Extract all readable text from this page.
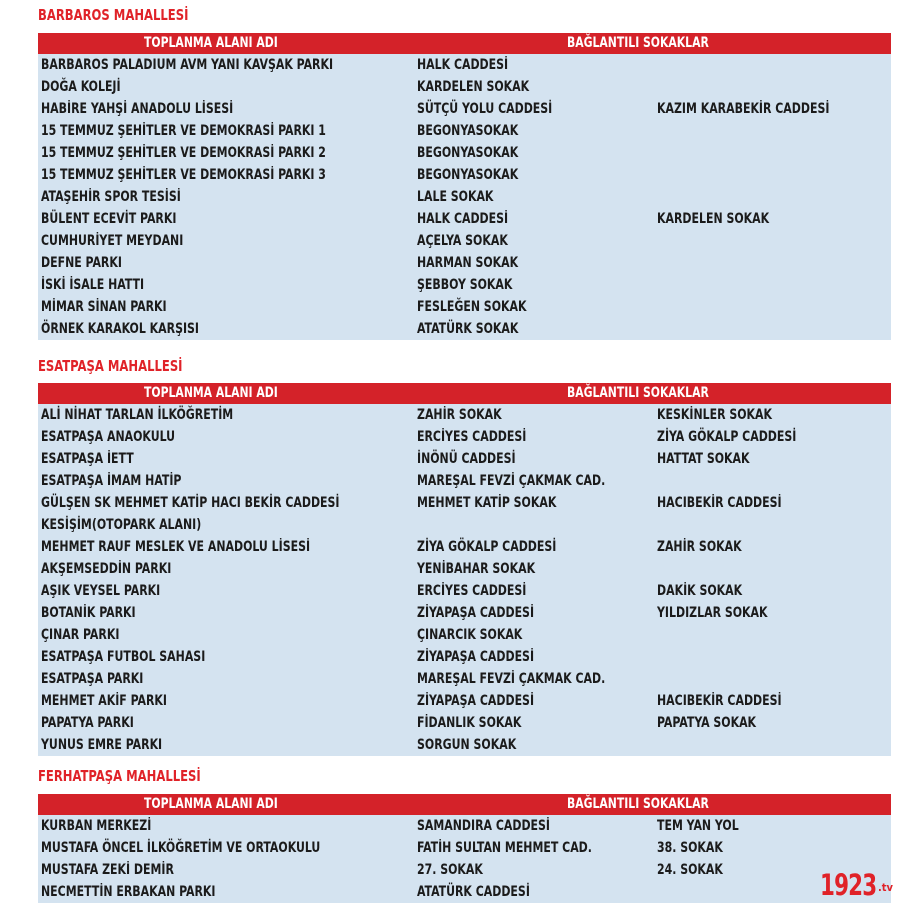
BARBAROS MAHALLESİ
TOPLANMA ALANI ADI	BAĞLANTILI SOKAKLAR
BARBAROS PALADIUM AVM YANI KAVŞAK PARKI	HALK CADDESİ
DOĞA KOLEJİ	KARDELEN SOKAK
HABİRE YAHŞİ ANADOLU LİSESİ	SÜTÇÜ YOLU CADDESİ	KAZIM KARABEKİR CADDESİ
15 TEMMUZ ŞEHİTLER VE DEMOKRASİ PARKI 1	BEGONYASOKAK
15 TEMMUZ ŞEHİTLER VE DEMOKRASİ PARKI 2	BEGONYASOKAK
15 TEMMUZ ŞEHİTLER VE DEMOKRASİ PARKI 3	BEGONYASOKAK
ATAŞEHİR SPOR TESİSİ	LALE SOKAK
BÜLENT ECEVİT PARKI	HALK CADDESİ	KARDELEN SOKAK
CUMHURİYET MEYDANI	AÇELYA SOKAK
DEFNE PARKI	HARMAN SOKAK
İSKİ İSALE HATTI	ŞEBBOY SOKAK
MİMAR SİNAN PARKI	FESLEĞEN SOKAK
ÖRNEK KARAKOL KARŞISI	ATATÜRK SOKAK
ESATPAŞA MAHALLESİ
TOPLANMA ALANI ADI	BAĞLANTILI SOKAKLAR
ALİ NİHAT TARLAN İLKÖĞRETİM	ZAHİR SOKAK	KESKİNLER SOKAK
ESATPAŞA ANAOKULU	ERCİYES CADDESİ	ZİYA GÖKALP CADDESİ
ESATPAŞA İETT	İNÖNÜ CADDESİ	HATTAT SOKAK
ESATPAŞA İMAM HATİP	MAREŞAL FEVZİ ÇAKMAK CAD.
GÜLŞEN SK MEHMET KATİP HACI BEKİR CADDESİ KESİŞİM(OTOPARK ALANI)
MEHMET KATİP SOKAK	HACIBEKİR CADDESİ
MEHMET RAUF MESLEK VE ANADOLU LİSESİ	ZİYA GÖKALP CADDESİ	ZAHİR SOKAK
AKŞEMSEDDİN PARKI	YENİBAHAR SOKAK
AŞIK VEYSEL PARKI	ERCİYES CADDESİ	DAKİK SOKAK
BOTANİK PARKI	ZİYAPAŞA CADDESİ	YILDIZLAR SOKAK
ÇINAR PARKI	ÇINARCIK SOKAK
ESATPAŞA FUTBOL SAHASI	ZİYAPAŞA CADDESİ
ESATPAŞA PARKI	MAREŞAL FEVZİ ÇAKMAK CAD.
MEHMET AKİF PARKI	ZİYAPAŞA CADDESİ	HACIBEKİR CADDESİ
PAPATYA PARKI	FİDANLIK SOKAK	PAPATYA SOKAK
YUNUS EMRE PARKI	SORGUN SOKAK
FERHATPAŞA MAHALLESİ
TOPLANMA ALANI ADI	BAĞLANTILI SOKAKLAR
KURBAN MERKEZİ	SAMANDIRA CADDESİ	TEM YAN YOL
MUSTAFA ÖNCEL İLKÖĞRETİM VE ORTAOKULU	FATİH SULTAN MEHMET CAD.	38. SOKAK
MUSTAFA ZEKİ DEMİR	27. SOKAK	24. SOKAK
NECMETTİN ERBAKAN PARKI	ATATÜRK CADDESİ	1923 .tv
